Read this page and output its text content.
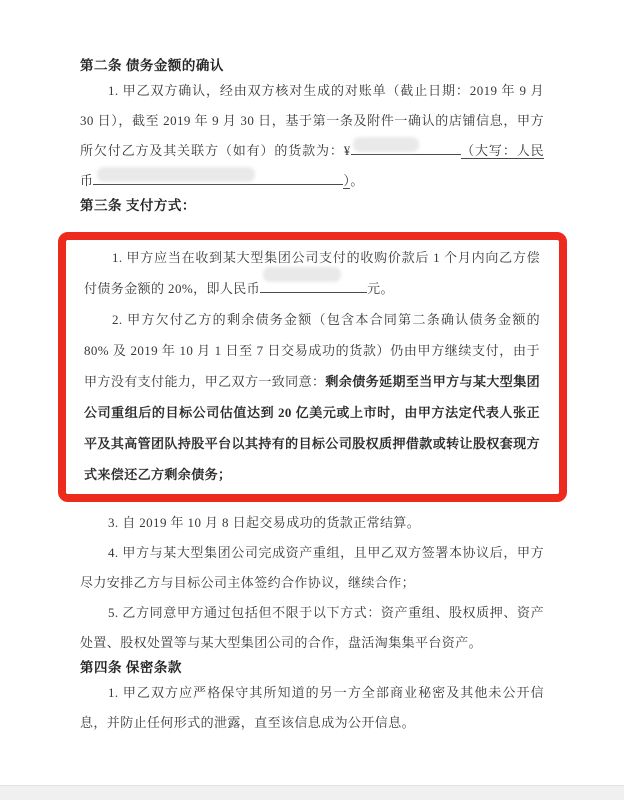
第二条 债务金额的确认

1. 甲乙双方确认，经由双方核对生成的对账单（截止日期：2019 年 9 月 30 日），截至 2019 年 9 月 30 日，基于第一条及附件一确认的店铺信息，甲方所欠付乙方及其关联方（如有）的货款为：¥	（大写：人民币	）。

第三条 支付方式：

1. 甲方应当在收到某大型集团公司支付的收购价款后 1 个月内向乙方偿付债务金额的 20%，即人民币	元。

2. 甲方欠付乙方的剩余债务金额（包含本合同第二条确认债务金额的 80% 及 2019 年 10 月 1 日至 7 日交易成功的货款）仍由甲方继续支付，由于甲方没有支付能力，甲乙双方一致同意：剩余债务延期至当甲方与某大型集团公司重组后的目标公司估值达到 20 亿美元或上市时，由甲方法定代表人张正平及其高管团队持股平台以其持有的目标公司股权质押借款或转让股权套现方式来偿还乙方剩余债务；

3. 自 2019 年 10 月 8 日起交易成功的货款正常结算。

4. 甲方与某大型集团公司完成资产重组，且甲乙双方签署本协议后，甲方尽力安排乙方与目标公司主体签约合作协议，继续合作；

5. 乙方同意甲方通过包括但不限于以下方式：资产重组、股权质押、资产处置、股权处置等与某大型集团公司的合作，盘活淘集集平台资产。

第四条 保密条款

1. 甲乙双方应严格保守其所知道的另一方全部商业秘密及其他未公开信息，并防止任何形式的泄露，直至该信息成为公开信息。
